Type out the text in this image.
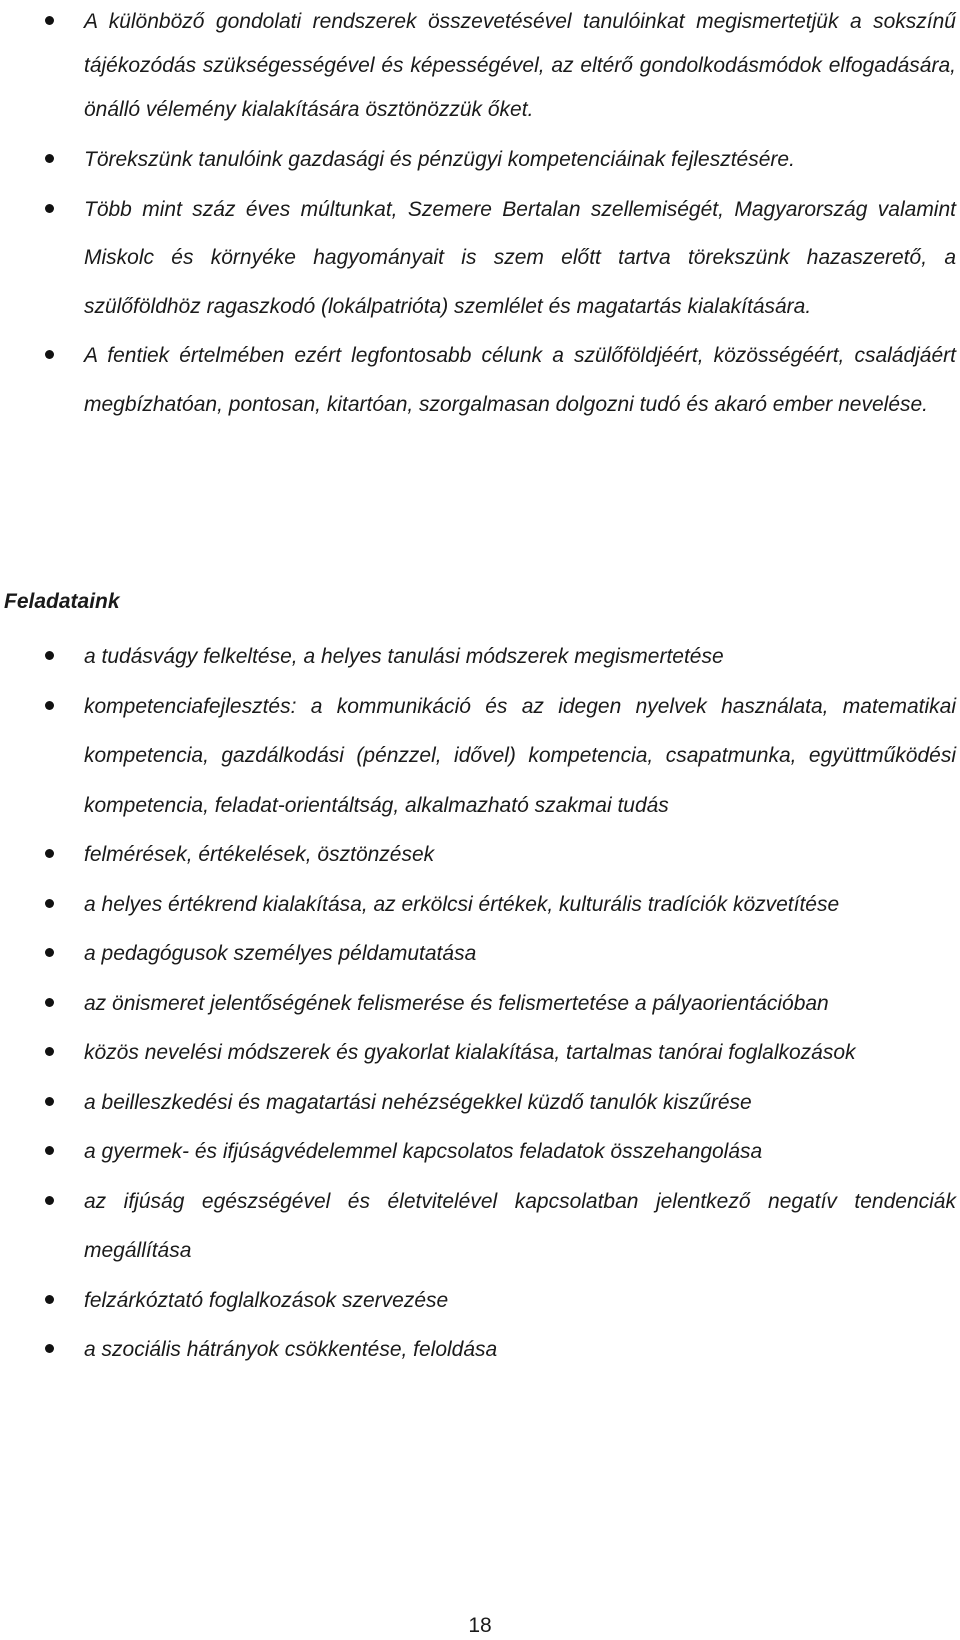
A különböző gondolati rendszerek összevetésével tanulóinkat megismertetjük a sokszínű tájékozódás szükségességével és képességével, az eltérő gondolkodásmódok elfogadására, önálló vélemény kialakítására ösztönözzük őket.
Törekszünk tanulóink gazdasági és pénzügyi kompetenciáinak fejlesztésére.
Több mint száz éves múltunkat, Szemere Bertalan szellemiségét, Magyarország valamint Miskolc és környéke hagyományait is szem előtt tartva törekszünk hazaszerető, a szülőföldhöz ragaszkodó (lokálpatrióta) szemlélet és magatartás kialakítására.
A fentiek értelmében ezért legfontosabb célunk a szülőföldjéért, közösségéért, családjáért megbízhatóan, pontosan, kitartóan, szorgalmasan dolgozni tudó és akaró ember nevelése.

Feladataink

a tudásvágy felkeltése, a helyes tanulási módszerek megismertetése
kompetenciafejlesztés: a kommunikáció és az idegen nyelvek használata, matematikai kompetencia, gazdálkodási (pénzzel, idővel) kompetencia, csapatmunka, együttműködési kompetencia, feladat-orientáltság, alkalmazható szakmai tudás
felmérések, értékelések, ösztönzések
a helyes értékrend kialakítása, az erkölcsi értékek, kulturális tradíciók közvetítése
a pedagógusok személyes példamutatása
az önismeret jelentőségének felismerése és felismertetése a pályaorientációban
közös nevelési módszerek és gyakorlat kialakítása, tartalmas tanórai foglalkozások
a beilleszkedési és magatartási nehézségekkel küzdő tanulók kiszűrése
a gyermek- és ifjúságvédelemmel kapcsolatos feladatok összehangolása
az ifjúság egészségével és életvitelével kapcsolatban jelentkező negatív tendenciák megállítása
felzárkóztató foglalkozások szervezése
a szociális hátrányok csökkentése, feloldása
18
